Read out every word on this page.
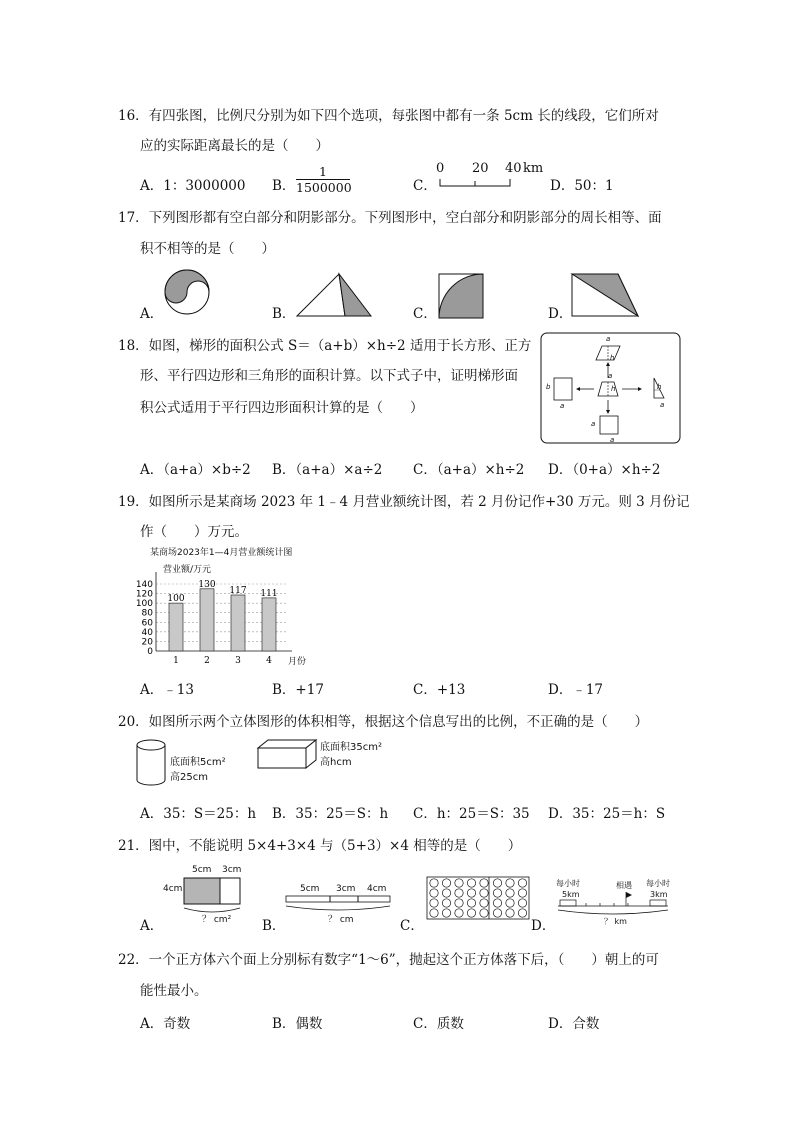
16．有四张图，比例尺分别为如下四个选项，每张图中都有一条 5cm 长的线段，它们所对
应的实际距离最长的是（　　）
A．1：3000000 B． $\frac{1}{1500000}$	C．
0 20 40 km
D．50：1
17．下列图形都有空白部分和阴影部分。下列图形中，空白部分和阴影部分的周长相等、面
积不相等的是（　　）
A．	B．	C．	D．
18．如图，梯形的面积公式 S＝（a+b）×h÷2 适用于长方形、正方
形、平行四边形和三角形的面积计算。以下式子中，证明梯形面
积公式适用于平行四边形面积计算的是（　　）
a
h
a
h
b
a
h
a
a
a
A．（a+a）×b÷2 B．（a+a）×a÷2 C．（a+a）×h÷2 D．（0+a）×h÷2
19．如图所示是某商场 2023 年 1﹣4 月营业额统计图，若 2 月份记作+30 万元。则 3 月份记
作（　　）万元。
某商场2023年1—4月营业额统计图
营业额/万元
月份
0
20
40
60
80
100
120
140
100
1
130
2
117
3
111
4
A．﹣13	B．+17	C．+13	D．﹣17
20．如图所示两个立体图形的体积相等，根据这个信息写出的比例，不正确的是（　　）
底面积5cm²
高25cm
底面积35cm²
高hcm
A．35：S＝25：h B．35：25＝S：h C．h：25＝S：35 D．35：25＝h：S
21．图中，不能说明 5×4+3×4 与（5+3）×4 相等的是（　　）
A．
5cm 3cm
4cm
？ cm² B．
5cm 3cm 4cm
？ cm	C．	D．
每小时
5km
相遇 每小时
3km
？ km
22．一个正方体六个面上分别标有数字“1～6”，抛起这个正方体落下后，（　　）朝上的可
能性最小。
A．奇数	B．偶数	C．质数	D．合数
